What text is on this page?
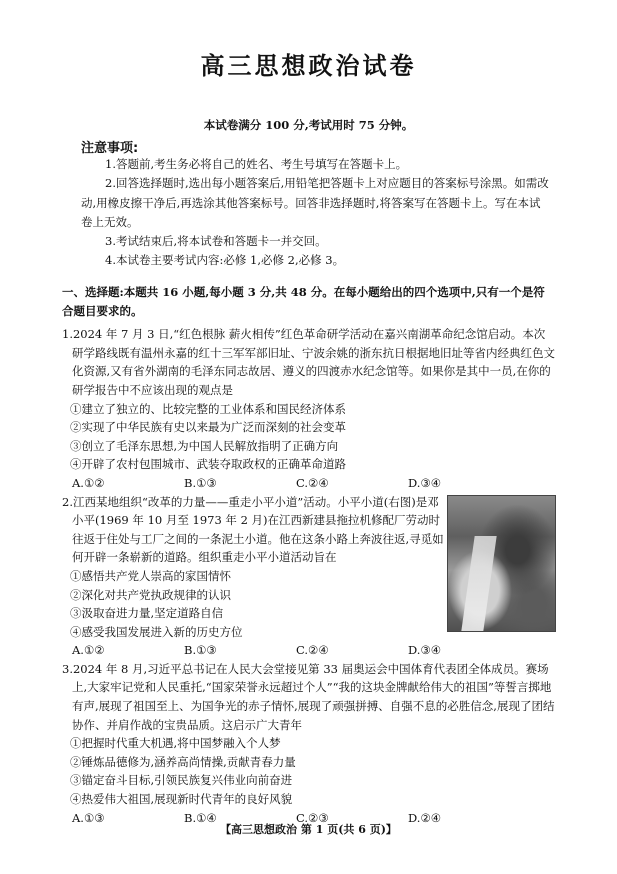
高三思想政治试卷
本试卷满分 100 分,考试用时 75 分钟。
注意事项:

1.答题前,考生务必将自己的姓名、考生号填写在答题卡上。

2.回答选择题时,选出每小题答案后,用铅笔把答题卡上对应题目的答案标号涂黑。如需改动,用橡皮擦干净后,再选涂其他答案标号。回答非选择题时,将答案写在答题卡上。写在本试卷上无效。

3.考试结束后,将本试卷和答题卡一并交回。

4.本试卷主要考试内容:必修 1,必修 2,必修 3。

一、选择题:本题共 16 小题,每小题 3 分,共 48 分。在每小题给出的四个选项中,只有一个是符合题目要求的。

1.2024 年 7 月 3 日,“红色根脉 薪火相传”红色革命研学活动在嘉兴南湖革命纪念馆启动。本次研学路线既有温州永嘉的红十三军军部旧址、宁波余姚的浙东抗日根据地旧址等省内经典红色文化资源,又有省外湖南的毛泽东同志故居、遵义的四渡赤水纪念馆等。如果你是其中一员,在你的研学报告中不应该出现的观点是

①建立了独立的、比较完整的工业体系和国民经济体系

②实现了中华民族有史以来最为广泛而深刻的社会变革

③创立了毛泽东思想,为中国人民解放指明了正确方向

④开辟了农村包围城市、武装夺取政权的正确革命道路

A.①②	B.①③	C.②④	D.③④

2.江西某地组织“改革的力量——重走小平小道”活动。小平小道(右图)是邓小平(1969 年 10 月至 1973 年 2 月)在江西新建县拖拉机修配厂劳动时往返于住处与工厂之间的一条泥土小道。他在这条小路上奔波往返,寻觅如何开辟一条崭新的道路。组织重走小平小道活动旨在

①感悟共产党人崇高的家国情怀

②深化对共产党执政规律的认识

③汲取奋进力量,坚定道路自信

④感受我国发展进入新的历史方位

A.①②	B.①③	C.②④	D.③④

3.2024 年 8 月,习近平总书记在人民大会堂接见第 33 届奥运会中国体育代表团全体成员。赛场上,大家牢记党和人民重托,“国家荣誉永远超过个人”“我的这块金牌献给伟大的祖国”等誓言掷地有声,展现了祖国至上、为国争光的赤子情怀,展现了顽强拼搏、自强不息的必胜信念,展现了团结协作、并肩作战的宝贵品质。这启示广大青年

①把握时代重大机遇,将中国梦融入个人梦

②锤炼品德修为,涵养高尚情操,贡献青春力量

③锚定奋斗目标,引领民族复兴伟业向前奋进

④热爱伟大祖国,展现新时代青年的良好风貌

A.①③	B.①④	C.②③	D.②④
【高三思想政治 第 1 页(共 6 页)】
